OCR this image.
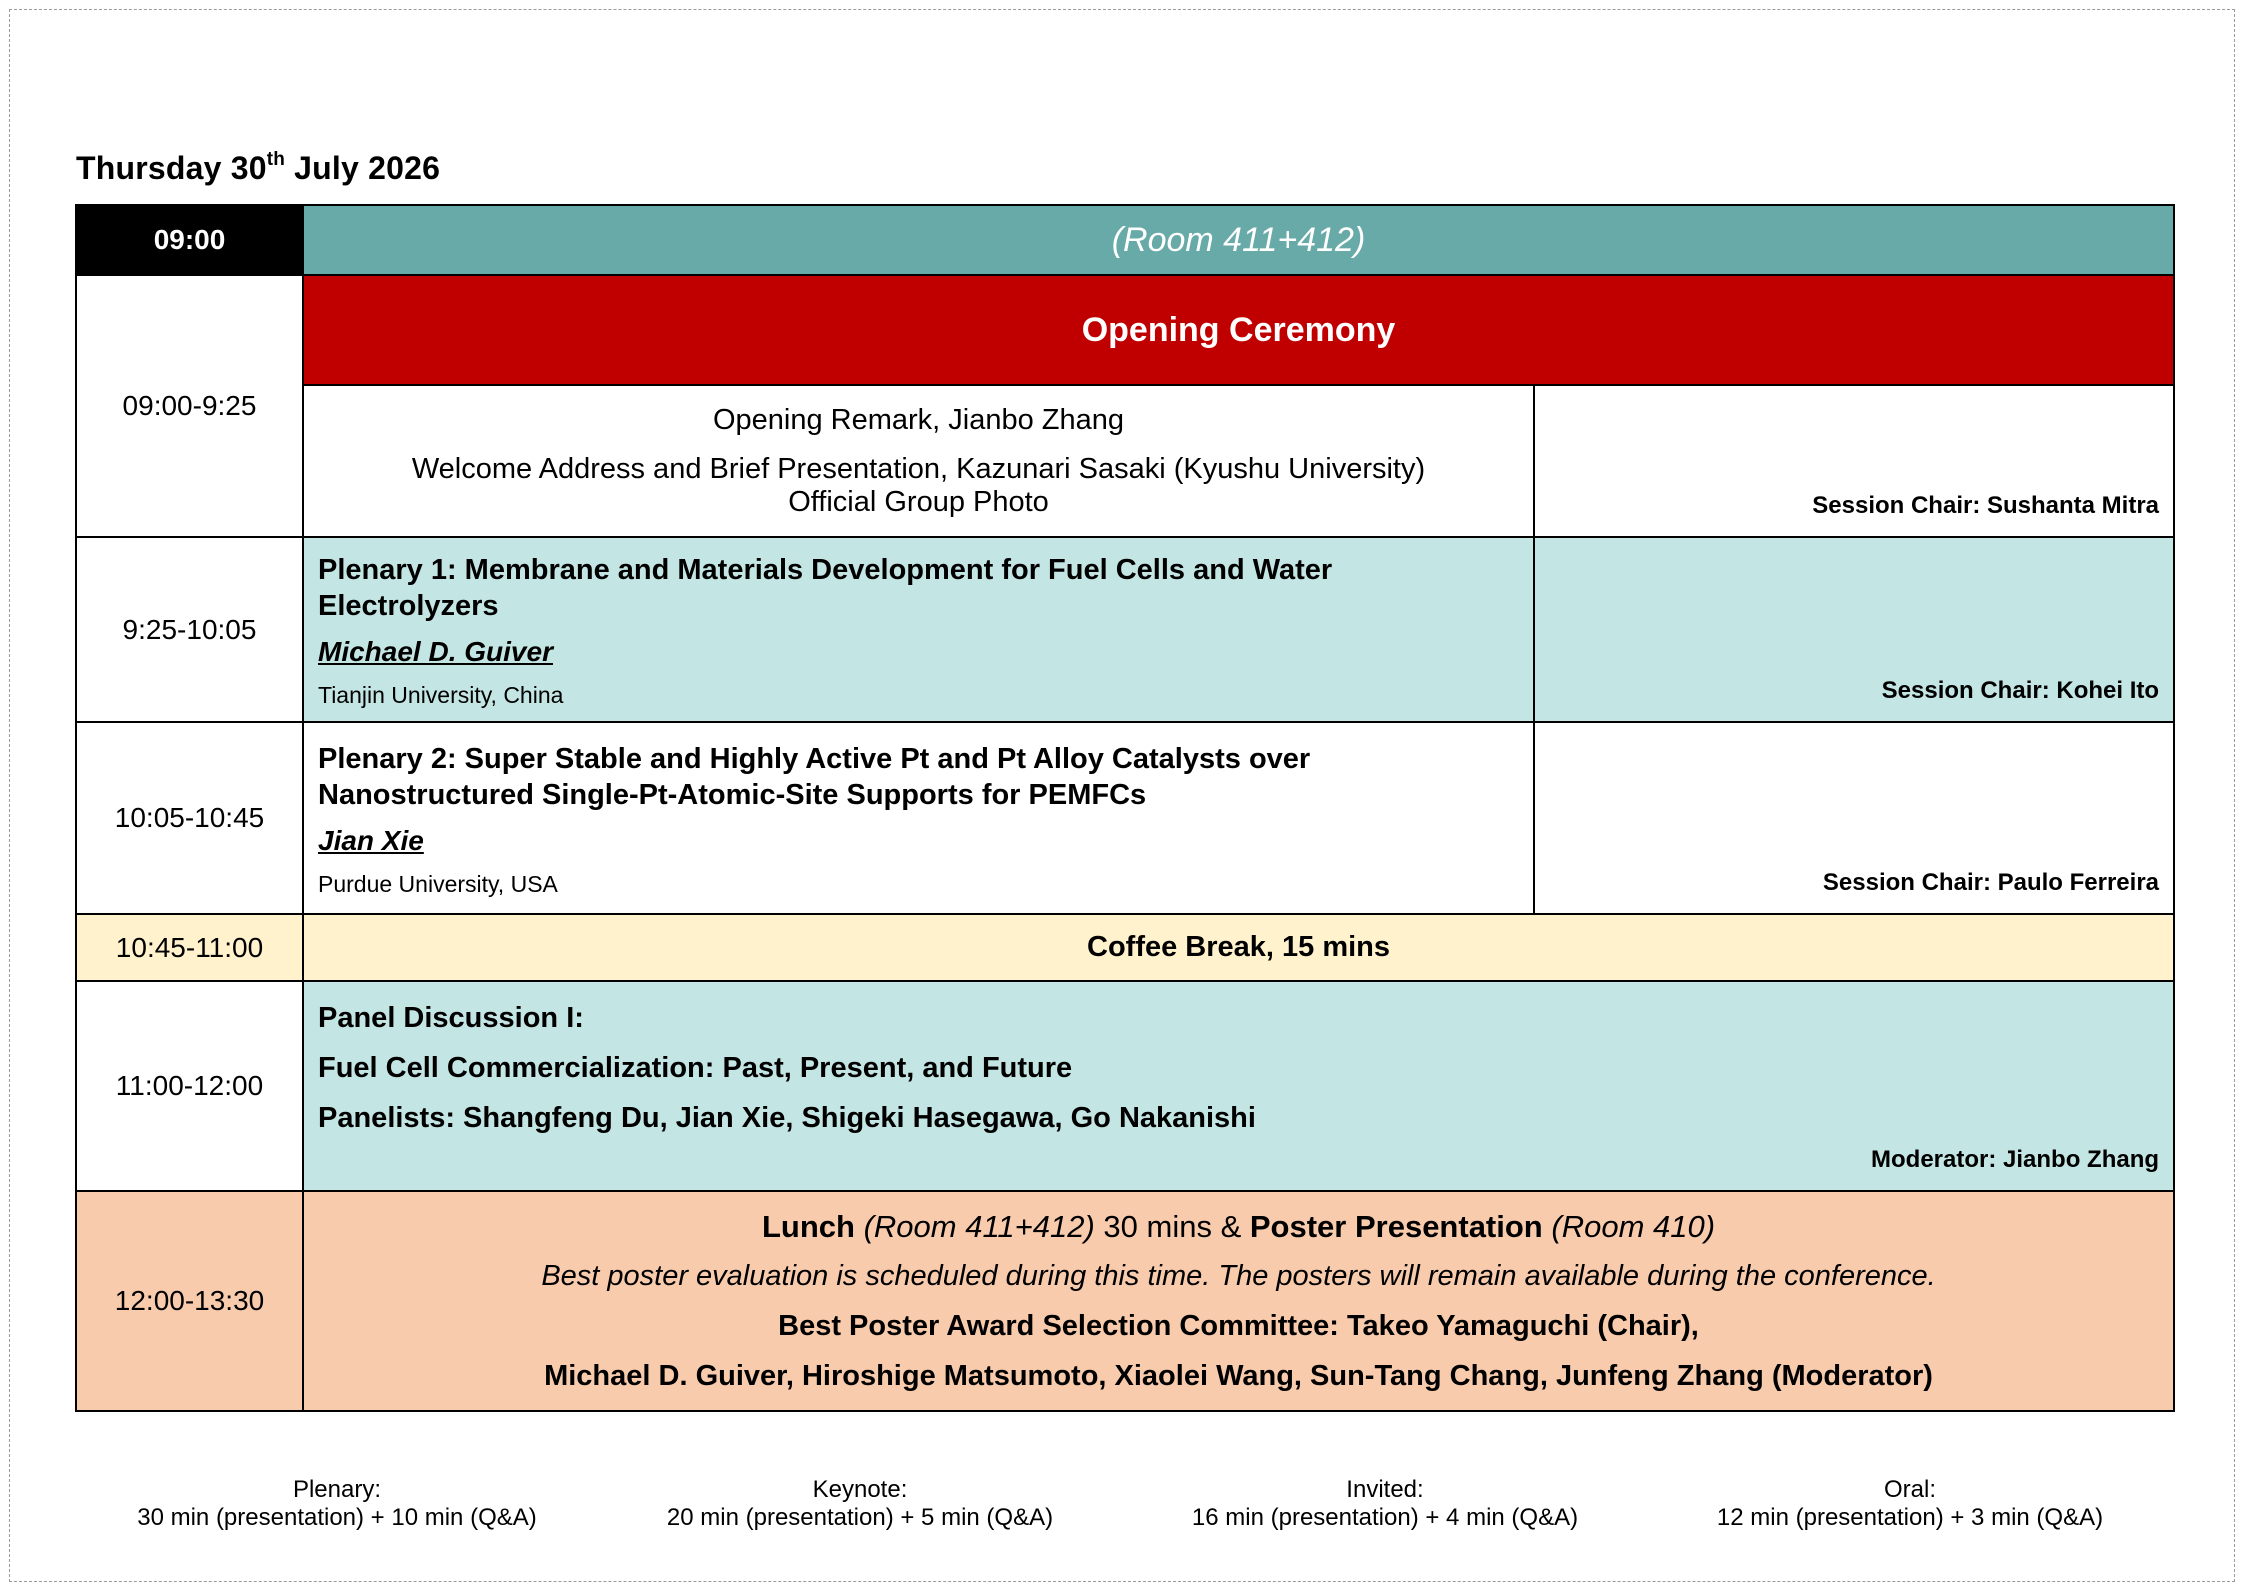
Thursday 30th July 2026
09:00	(Room 411+412)	
09:00-9:25	Opening Ceremony	

	Opening Remark, Jianbo Zhang
Welcome Address and Brief Presentation, Kazunari Sasaki (Kyushu University)
Official Group Photo	Session Chair: Sushanta Mitra

9:25-10:05	Plenary 1: Membrane and Materials Development for Fuel Cells and Water Electrolyzers
Michael D. Guiver
Tianjin University, China	Session Chair: Kohei Ito

10:05-10:45	Plenary 2: Super Stable and Highly Active Pt and Pt Alloy Catalysts over
Nanostructured Single-Pt-Atomic-Site Supports for PEMFCs
Jian Xie
Purdue University, USA	Session Chair: Paulo Ferreira

10:45-11:00	Coffee Break, 15 mins	
11:00-12:00	Panel Discussion I:
Fuel Cell Commercialization: Past, Present, and Future
Panelists: Shangfeng Du, Jian Xie, Shigeki Hasegawa, Go Nakanishi
Moderator: Jianbo Zhang	

12:00-13:30	Lunch (Room 411+412) 30 mins & Poster Presentation (Room 410)
Best poster evaluation is scheduled during this time. The posters will remain available during the conference.
Best Poster Award Selection Committee: Takeo Yamaguchi (Chair),
Michael D. Guiver, Hiroshige Matsumoto, Xiaolei Wang, Sun-Tang Chang, Junfeng Zhang (Moderator)	
Plenary:
30 min (presentation) + 10 min (Q&A)
Keynote:
20 min (presentation) + 5 min (Q&A)
Invited:
16 min (presentation) + 4 min (Q&A)
Oral:
12 min (presentation) + 3 min (Q&A)
